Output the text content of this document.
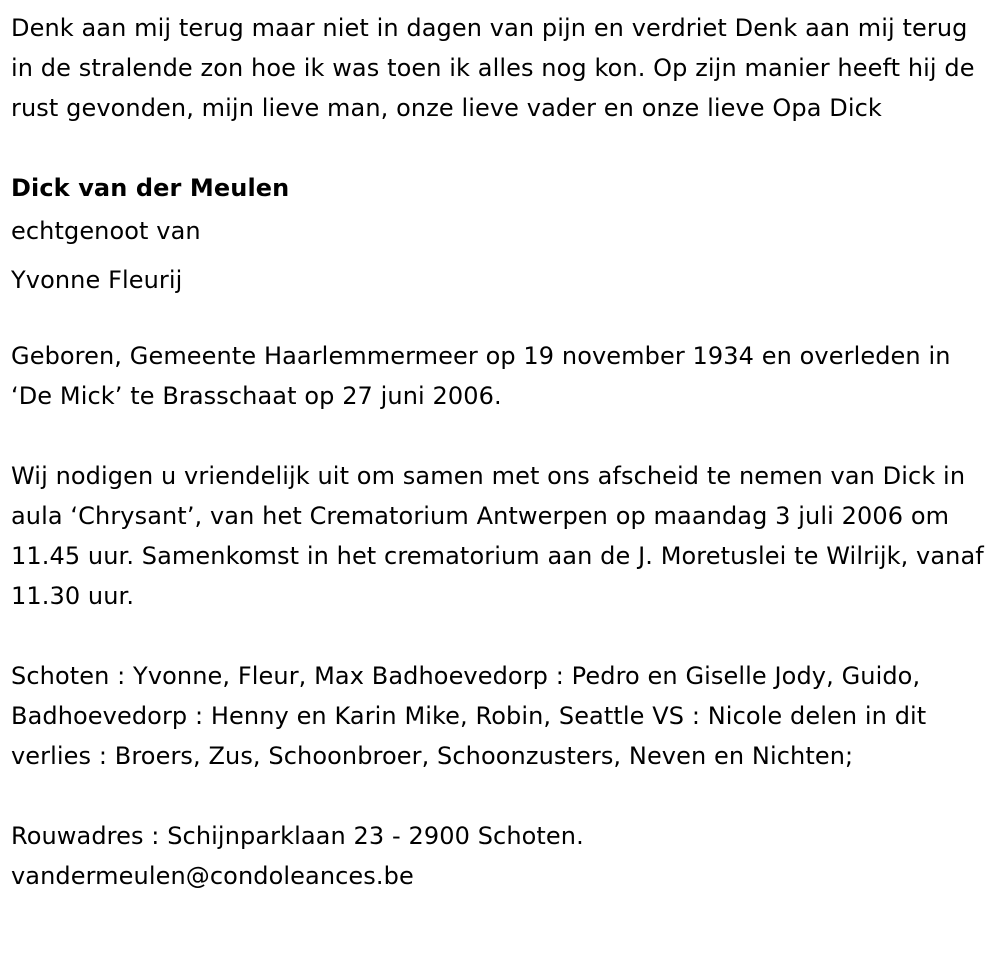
Denk aan mij terug maar niet in dagen van pijn en verdriet Denk aan mij terug in de stralende zon hoe ik was toen ik alles nog kon. Op zijn manier heeft hij de rust gevonden, mijn lieve man, onze lieve vader en onze lieve Opa Dick

Dick van der Meulen

echtgenoot van

Yvonne Fleurij

Geboren, Gemeente Haarlemmermeer op 19 november 1934 en overleden in ‘De Mick’ te Brasschaat op 27 juni 2006.

Wij nodigen u vriendelijk uit om samen met ons afscheid te nemen van Dick in aula ‘Chrysant’, van het Crematorium Antwerpen op maandag 3 juli 2006 om 11.45 uur. Samenkomst in het crematorium aan de J. Moretuslei te Wilrijk, vanaf 11.30 uur.

Schoten : Yvonne, Fleur, Max Badhoevedorp : Pedro en Giselle Jody, Guido, Badhoevedorp : Henny en Karin Mike, Robin, Seattle VS : Nicole delen in dit verlies : Broers, Zus, Schoonbroer, Schoonzusters, Neven en Nichten;

Rouwadres : Schijnparklaan 23 - 2900 Schoten.

vandermeulen@condoleances.be
